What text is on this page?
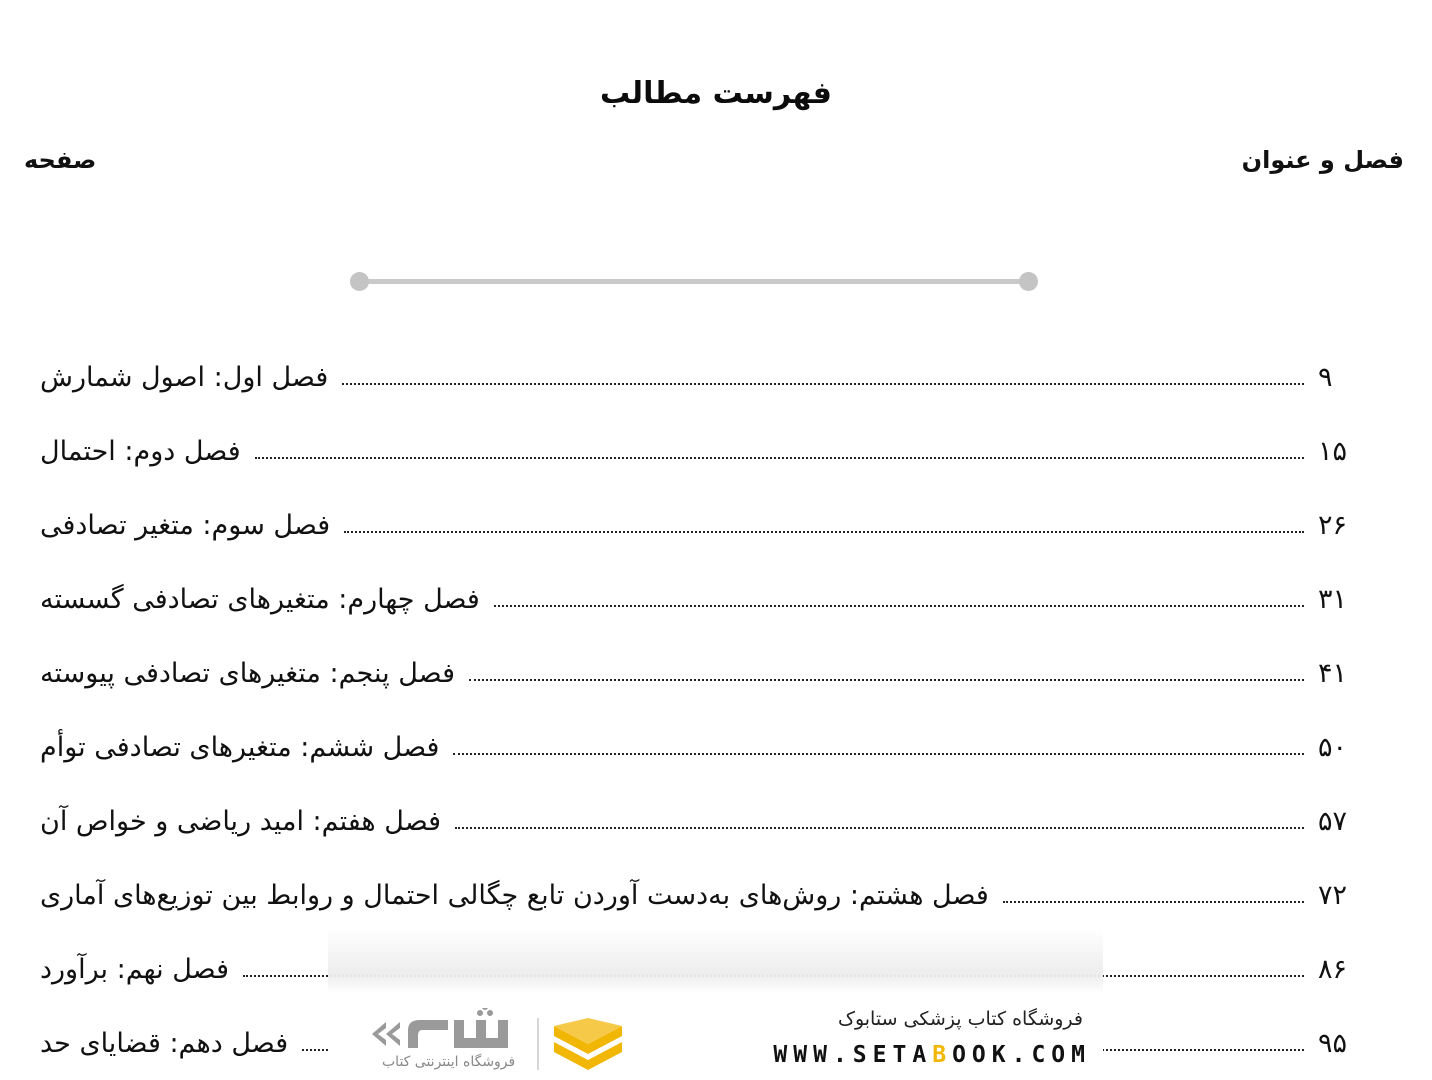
فهرست مطالب
فصل و عنوان
صفحه
فصل اول: اصول شمارش	۹
فصل دوم: احتمال	۱۵
فصل سوم: متغیر تصادفی	۲۶
فصل چهارم: متغیرهای تصادفی گسسته	۳۱
فصل پنجم: متغیرهای تصادفی پیوسته	۴۱
فصل ششم: متغیرهای تصادفی توأم	۵۰
فصل هفتم: امید ریاضی و خواص آن	۵۷
فصل هشتم: روش‌های به‌دست آوردن تابع چگالی احتمال و روابط بین توزیع‌های آماری	۷۲
فصل نهم: برآورد	۸۶
فصل دهم: قضایای حد	۹۵
فروشگاه کتاب پزشکی ستابوک
WWW.SETABOOK.COM
فروشگاه اینترنتی کتاب
